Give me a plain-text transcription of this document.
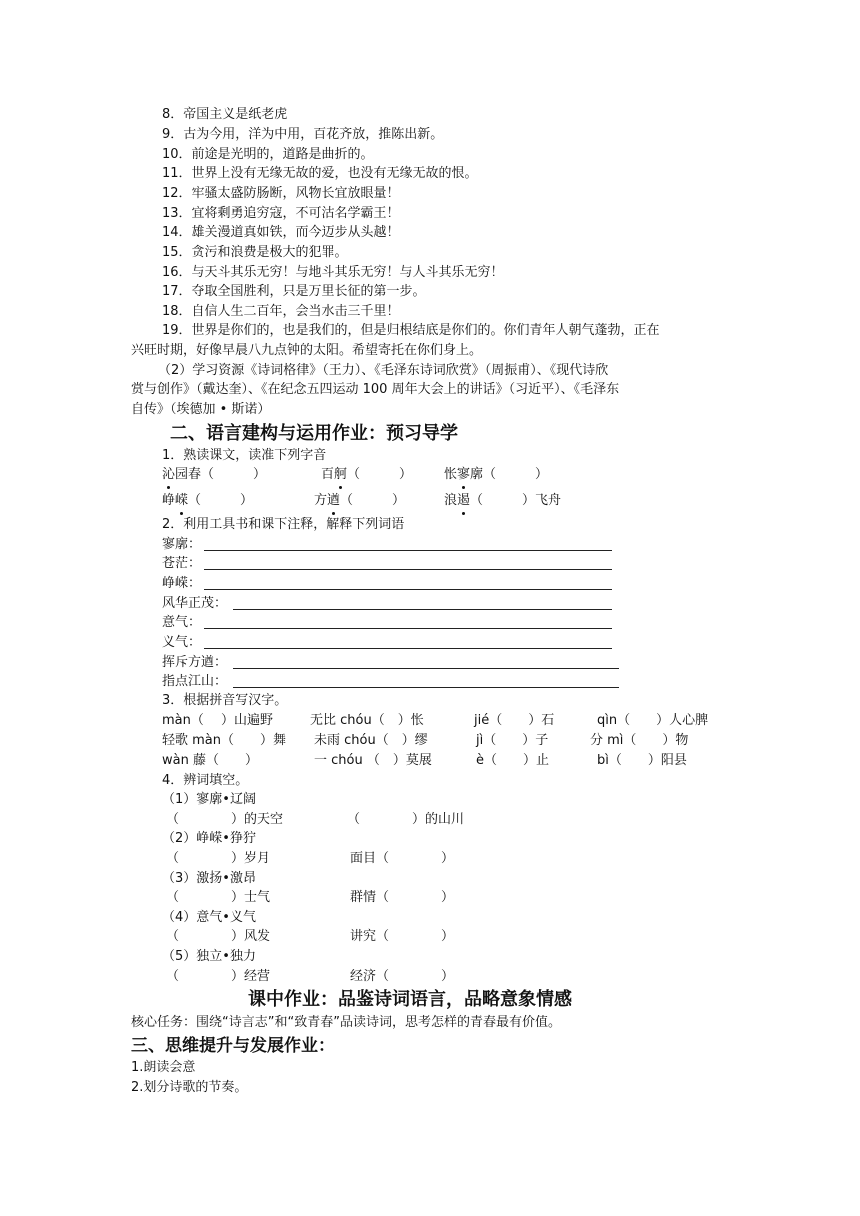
8．帝国主义是纸老虎
9．古为今用，洋为中用，百花齐放，推陈出新。
10．前途是光明的，道路是曲折的。
11．世界上没有无缘无故的爱，也没有无缘无故的恨。
12．牢骚太盛防肠断，风物长宜放眼量！
13．宜将剩勇追穷寇，不可沽名学霸王！
14．雄关漫道真如铁，而今迈步从头越！
15．贪污和浪费是极大的犯罪。
16．与天斗其乐无穷！与地斗其乐无穷！与人斗其乐无穷！
17．夺取全国胜利，只是万里长征的第一步。
18．自信人生二百年，会当水击三千里！
19．世界是你们的，也是我们的，但是归根结底是你们的。你们青年人朝气蓬勃，正在
兴旺时期，好像早晨八九点钟的太阳。希望寄托在你们身上。
（2）学习资源《诗词格律》（王力）、《毛泽东诗词欣赏》（周振甫）、《现代诗欣
赏与创作》（戴达奎）、《在纪念五四运动 100 周年大会上的讲话》（习近平）、《毛泽东
自传》（埃德加 • 斯诺）
二、语言建构与运用作业：预习导学
1．熟读课文，读准下列字音
沁园春（　　　）	百舸（　　　） 怅寥廓（　　　）
峥嵘（　　　）	方遒（　　　）	浪遏（　　　）飞舟
2．利用工具书和课下注释，解释下列词语
寥廓：
苍茫：
峥嵘：
风华正茂：
意气：
义气：
挥斥方遒：
指点江山：
3．根据拼音写汉字。
màn（　 ）山遍野	无比 chóu（　）怅	jié（　　）石	qìn（　　）人心脾
轻歌 màn（　　）舞 未雨 chóu（　）缪	jì（　　）子	分 mì（　　）物
wàn 藤（　　）	一 chóu （　）莫展	è（　　）止	bì（　　）阳县
4．辨词填空。
（1）寥廓•辽阔
（　　　　）的天空	（　　　　）的山川
（2）峥嵘•狰狞
（　　　　）岁月	面目（　　　　）
（3）激扬•激昂
（　　　　）士气	群情（　　　　）
（4）意气•义气
（　　　　）风发	讲究（　　　　）
（5）独立•独力
（　　　　）经营	经济（　　　　）
课中作业：品鉴诗词语言，品略意象情感
核心任务：围绕“诗言志”和“致青春”品读诗词，思考怎样的青春最有价值。
三、思维提升与发展作业：
1.朗读会意
2.划分诗歌的节奏。
